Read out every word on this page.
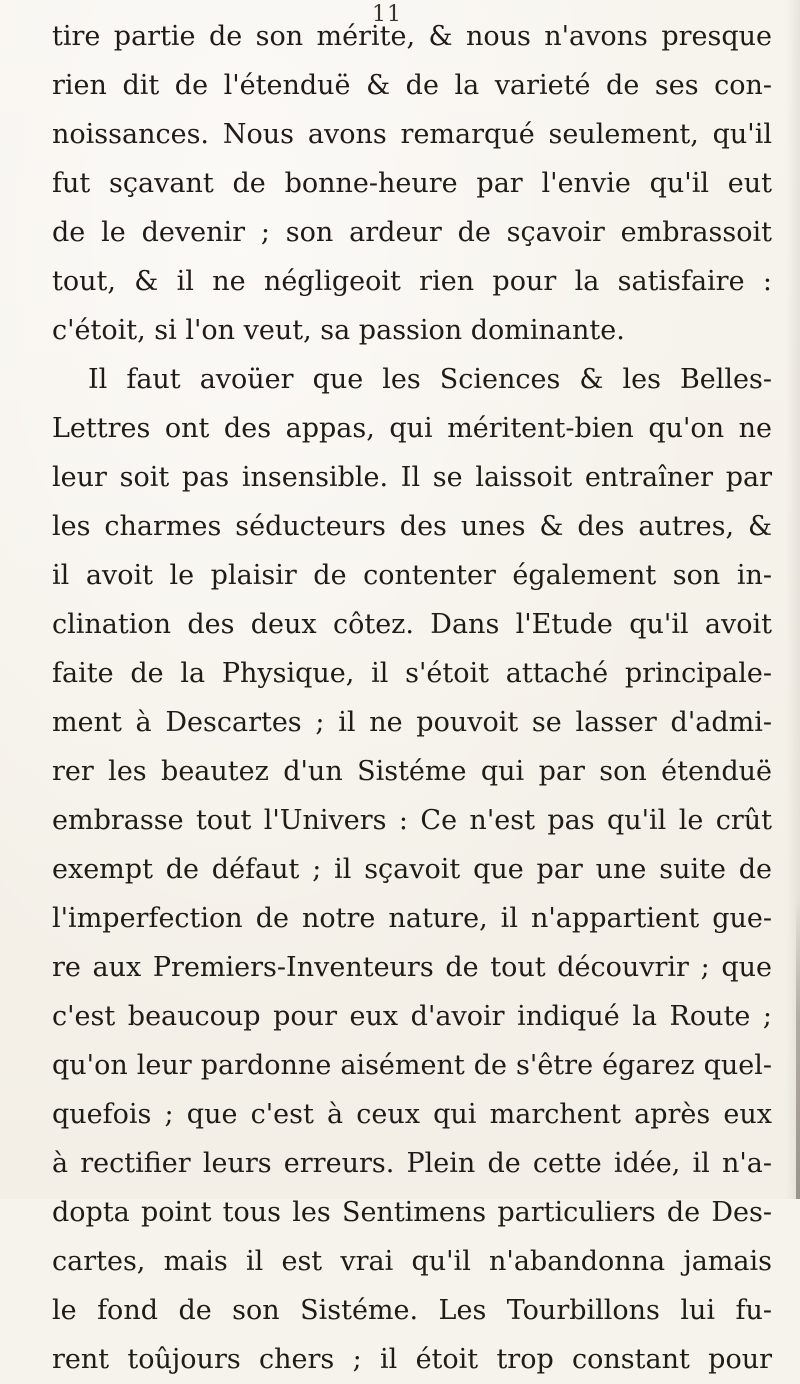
11
tire partie de son mérite, & nous n'avons presque
rien dit de l'étenduë & de la varieté de ses con-
noissances. Nous avons remarqué seulement, qu'il
fut sçavant de bonne-heure par l'envie qu'il eut
de le devenir ; son ardeur de sçavoir embrassoit
tout, & il ne négligeoit rien pour la satisfaire :
c'étoit, si l'on veut, sa passion dominante.
Il faut avoüer que les Sciences & les Belles-
Lettres ont des appas, qui méritent-bien qu'on ne
leur soit pas insensible. Il se laissoit entraîner par
les charmes séducteurs des unes & des autres, &
il avoit le plaisir de contenter également son in-
clination des deux côtez. Dans l'Etude qu'il avoit
faite de la Physique, il s'étoit attaché principale-
ment à Descartes ; il ne pouvoit se lasser d'admi-
rer les beautez d'un Sistéme qui par son étenduë
embrasse tout l'Univers : Ce n'est pas qu'il le crût
exempt de défaut ; il sçavoit que par une suite de
l'imperfection de notre nature, il n'appartient gue-
re aux Premiers-Inventeurs de tout découvrir ; que
c'est beaucoup pour eux d'avoir indiqué la Route ;
qu'on leur pardonne aisément de s'être égarez quel-
quefois ; que c'est à ceux qui marchent après eux
à rectifier leurs erreurs. Plein de cette idée, il n'a-
dopta point tous les Sentimens particuliers de Des-
cartes, mais il est vrai qu'il n'abandonna jamais
le fond de son Sistéme. Les Tourbillons lui fu-
rent toûjours chers ; il étoit trop constant pour
